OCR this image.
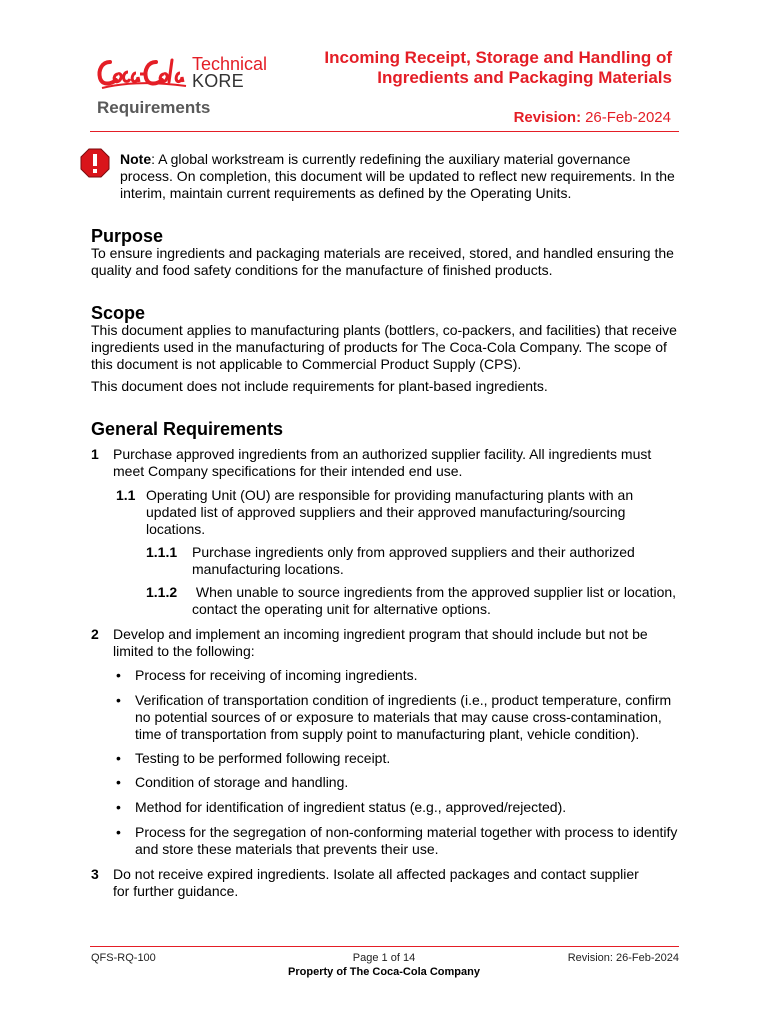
Technical
KORE
Requirements
Incoming Receipt, Storage and Handling of
Ingredients and Packaging Materials
Revision: 26-Feb-2024
Note: A global workstream is currently redefining the auxiliary material governance process. On completion, this document will be updated to reflect new requirements. In the interim, maintain current requirements as defined by the Operating Units.
Purpose

To ensure ingredients and packaging materials are received, stored, and handled ensuring the quality and food safety conditions for the manufacture of finished products.

Scope

This document applies to manufacturing plants (bottlers, co-packers, and facilities) that receive ingredients used in the manufacturing of products for The Coca-Cola Company. The scope of this document is not applicable to Commercial Product Supply (CPS).

This document does not include requirements for plant-based ingredients.

General Requirements
1 Purchase approved ingredients from an authorized supplier facility. All ingredients must meet Company specifications for their intended end use.
1.1 Operating Unit (OU) are responsible for providing manufacturing plants with an updated list of approved suppliers and their approved manufacturing/sourcing locations.
1.1.1 Purchase ingredients only from approved suppliers and their authorized manufacturing locations.
1.1.2 When unable to source ingredients from the approved supplier list or location, contact the operating unit for alternative options.
2 Develop and implement an incoming ingredient program that should include but not be limited to the following:
• Process for receiving of incoming ingredients.
• Verification of transportation condition of ingredients (i.e., product temperature, confirm no potential sources of or exposure to materials that may cause cross-contamination, time of transportation from supply point to manufacturing plant, vehicle condition).
• Testing to be performed following receipt.
• Condition of storage and handling.
• Method for identification of ingredient status (e.g., approved/rejected).
• Process for the segregation of non-conforming material together with process to identify and store these materials that prevents their use.
3 Do not receive expired ingredients. Isolate all affected packages and contact supplier for further guidance.
QFS-RQ-100	Page 1 of 14
Property of The Coca-Cola Company
Revision: 26-Feb-2024
